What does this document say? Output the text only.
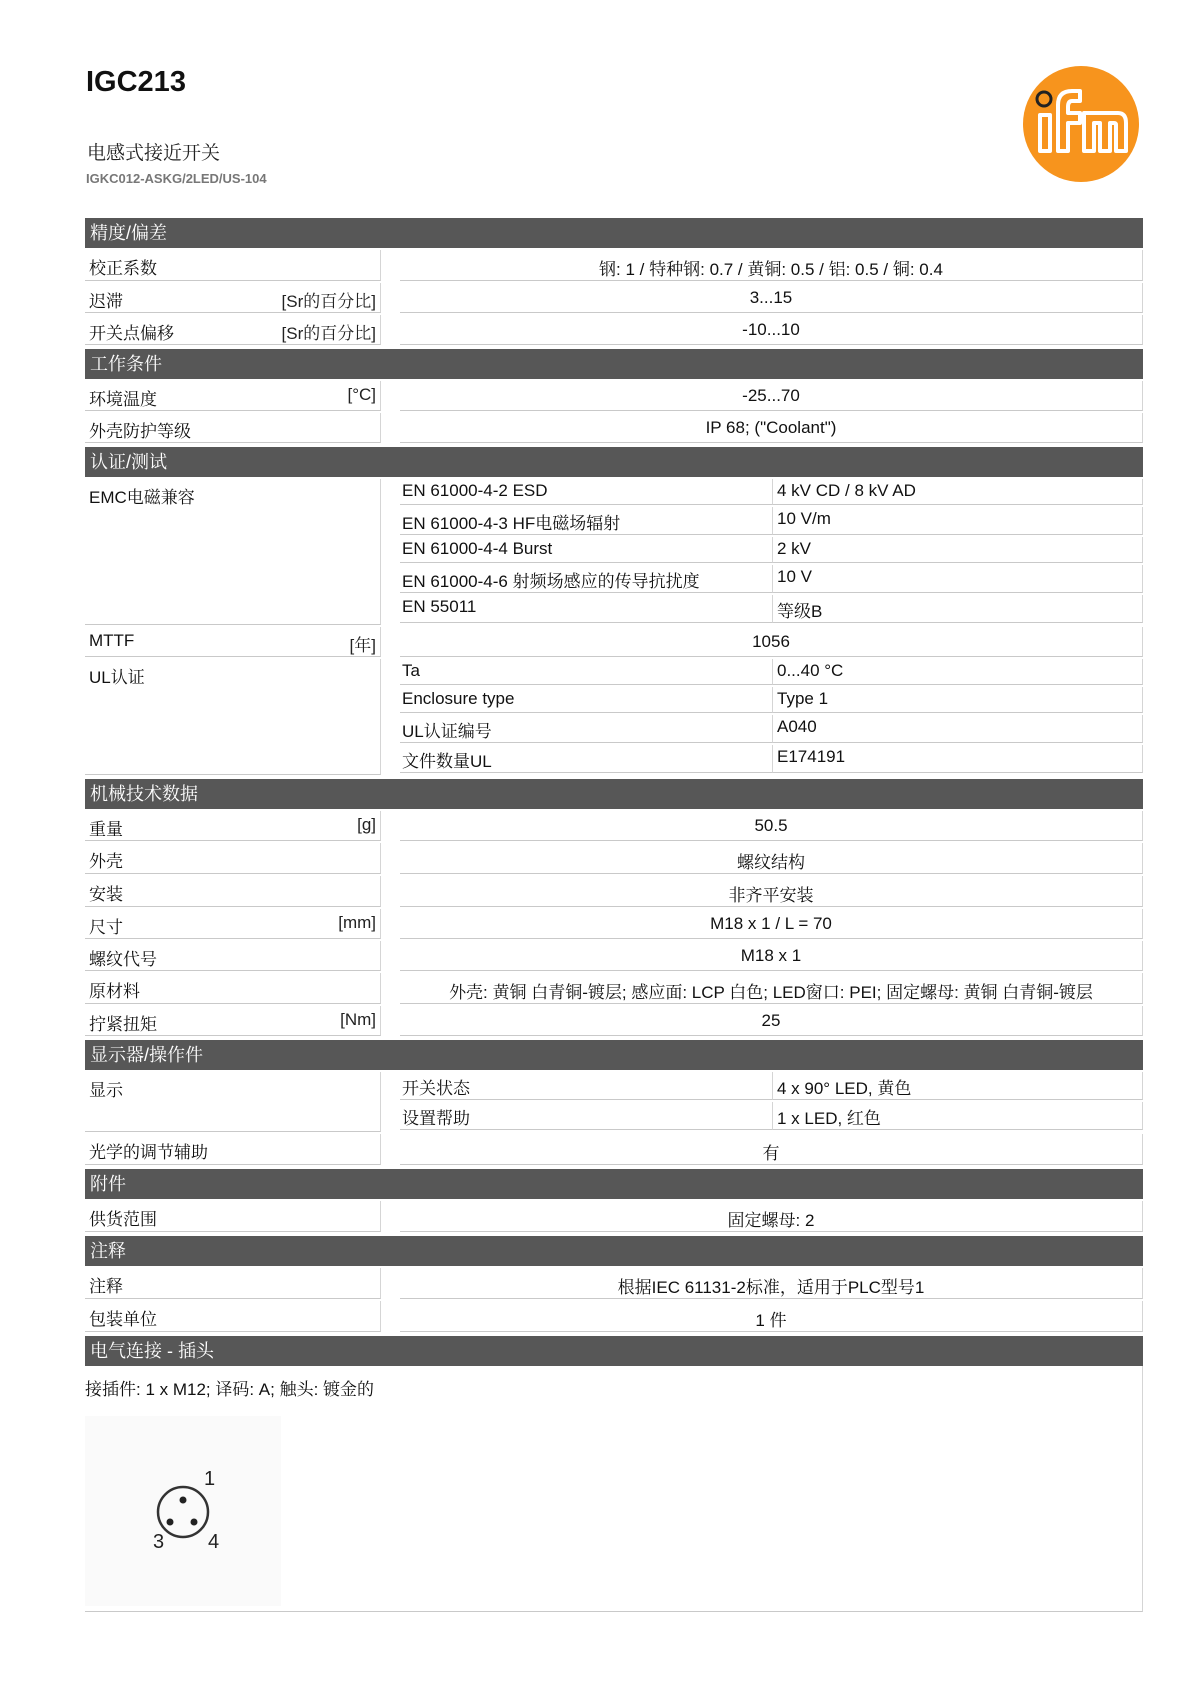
IGC213
电感式接近开关
IGKC012-ASKG/2LED/US-104
精度/偏差
校正系数	钢: 1 / 特种钢: 0.7 / 黄铜: 0.5 / 铝: 0.5 / 铜: 0.4
迟滞	[Sr的百分比]	3...15
开关点偏移	[Sr的百分比]	-10...10
工作条件
环境温度	[°C]	-25...70
外壳防护等级	IP 68; ("Coolant")
认证/测试
EMC电磁兼容	EN 61000-4-2 ESD	4 kV CD / 8 kV AD
EN 61000-4-3 HF电磁场辐射	10 V/m
EN 61000-4-4 Burst	2 kV
EN 61000-4-6 射频场感应的传导抗扰度	10 V
EN 55011	等级B
MTTF	[年]	1056
UL认证	Ta	0...40 °C
Enclosure type	Type 1
UL认证编号	A040
文件数量UL	E174191
机械技术数据
重量	[g]	50.5
外壳	螺纹结构
安装	非齐平安装
尺寸	[mm]	M18 x 1 / L = 70
螺纹代号	M18 x 1
原材料	外壳: 黄铜 白青铜-镀层; 感应面: LCP 白色; LED窗口: PEI; 固定螺母: 黄铜 白青铜-镀层
拧紧扭矩	[Nm]	25
显示器/操作件
显示	开关状态	4 x 90° LED, 黄色
设置帮助	1 x LED, 红色
光学的调节辅助	有
附件
供货范围	固定螺母: 2
注释
注释	根据IEC 61131-2标准，适用于PLC型号1
包装单位	1 件
电气连接 - 插头
接插件: 1 x M12; 译码: A; 触头: 镀金的
1
3 4
